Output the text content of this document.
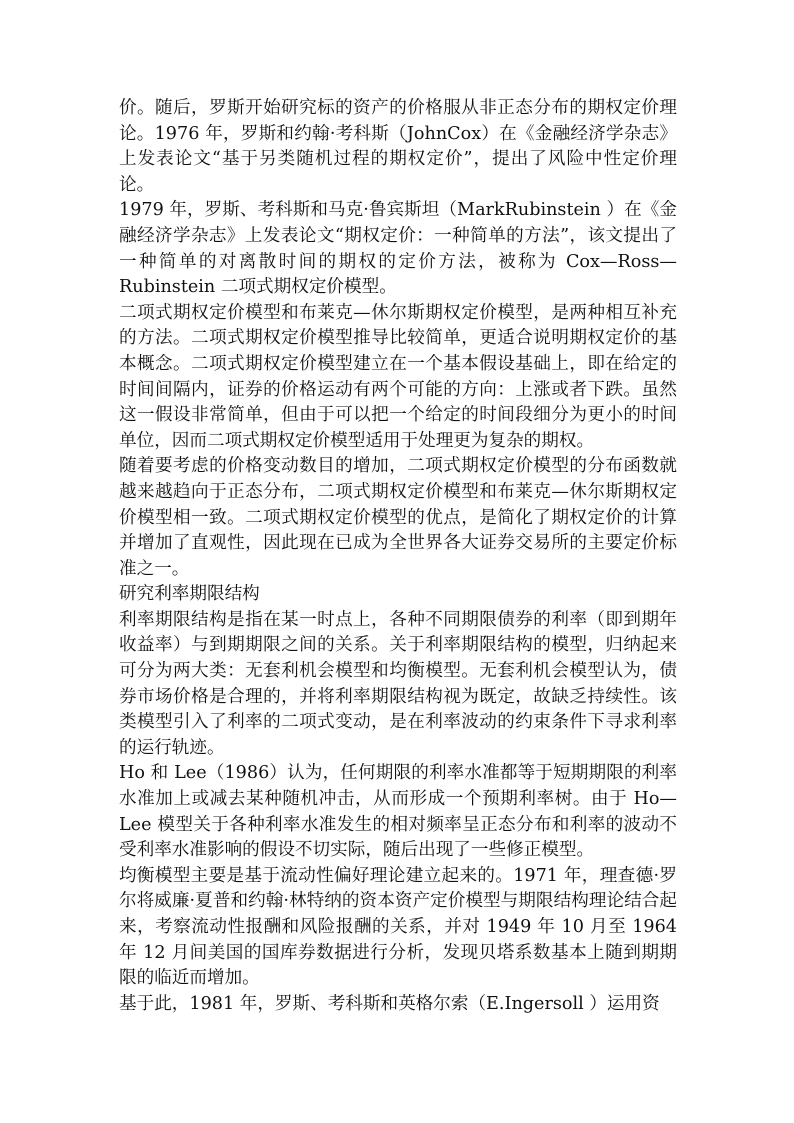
价。随后，罗斯开始研究标的资产的价格服从非正态分布的期权定价理论。1976 年，罗斯和约翰·考科斯（JohnCox）在《金融经济学杂志》上发表论文“基于另类随机过程的期权定价”，提出了风险中性定价理论。

1979 年，罗斯、考科斯和马克·鲁宾斯坦（MarkRubinstein ）在《金融经济学杂志》上发表论文“期权定价：一种简单的方法”，该文提出了一种简单的对离散时间的期权的定价方法，被称为 Cox—Ross—Rubinstein 二项式期权定价模型。

二项式期权定价模型和布莱克—休尔斯期权定价模型，是两种相互补充的方法。二项式期权定价模型推导比较简单，更适合说明期权定价的基本概念。二项式期权定价模型建立在一个基本假设基础上，即在给定的时间间隔内，证券的价格运动有两个可能的方向：上涨或者下跌。虽然这一假设非常简单，但由于可以把一个给定的时间段细分为更小的时间单位，因而二项式期权定价模型适用于处理更为复杂的期权。

随着要考虑的价格变动数目的增加，二项式期权定价模型的分布函数就越来越趋向于正态分布，二项式期权定价模型和布莱克—休尔斯期权定价模型相一致。二项式期权定价模型的优点，是简化了期权定价的计算并增加了直观性，因此现在已成为全世界各大证券交易所的主要定价标准之一。

研究利率期限结构

利率期限结构是指在某一时点上，各种不同期限债券的利率（即到期年收益率）与到期期限之间的关系。关于利率期限结构的模型，归纳起来可分为两大类：无套利机会模型和均衡模型。无套利机会模型认为，债券市场价格是合理的，并将利率期限结构视为既定，故缺乏持续性。该类模型引入了利率的二项式变动，是在利率波动的约束条件下寻求利率的运行轨迹。

Ho 和 Lee（1986）认为，任何期限的利率水准都等于短期期限的利率水准加上或减去某种随机冲击，从而形成一个预期利率树。由于 Ho—Lee 模型关于各种利率水准发生的相对频率呈正态分布和利率的波动不受利率水准影响的假设不切实际，随后出现了一些修正模型。

均衡模型主要是基于流动性偏好理论建立起来的。1971 年，理查德·罗尔将威廉·夏普和约翰·林特纳的资本资产定价模型与期限结构理论结合起来，考察流动性报酬和风险报酬的关系，并对 1949 年 10 月至 1964 年 12 月间美国的国库券数据进行分析，发现贝塔系数基本上随到期期限的临近而增加。

基于此，1981 年，罗斯、考科斯和英格尔索（E.Ingersoll ）运用资
